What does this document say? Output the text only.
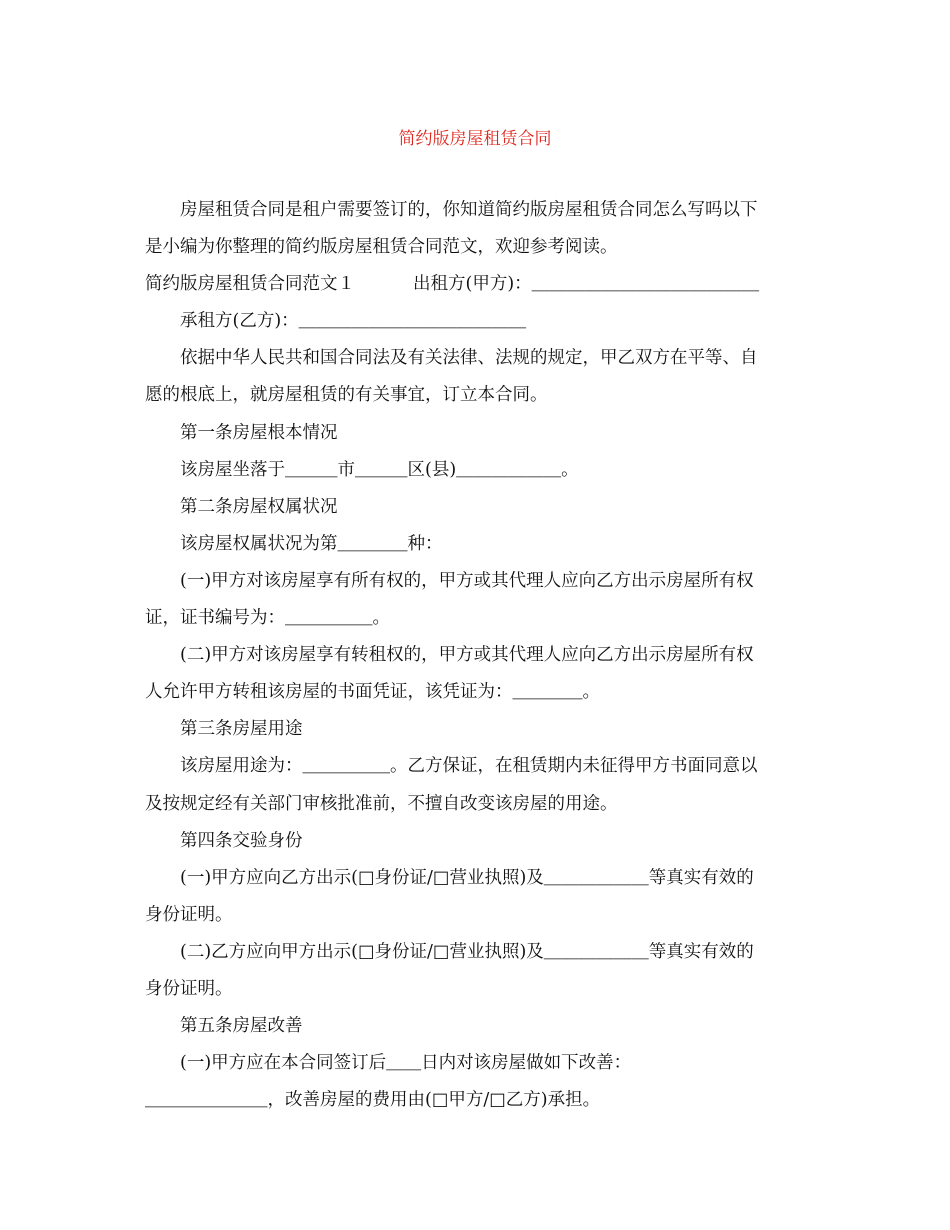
简约版房屋租赁合同
房屋租赁合同是租户需要签订的，你知道简约版房屋租赁合同怎么写吗以下
是小编为你整理的简约版房屋租赁合同范文，欢迎参考阅读。
简约版房屋租赁合同范文１	出租方(甲方)：＿＿＿＿＿＿＿＿＿＿＿＿＿
承租方(乙方)：＿＿＿＿＿＿＿＿＿＿＿＿＿
依据中华人民共和国合同法及有关法律、法规的规定，甲乙双方在平等、自
愿的根底上，就房屋租赁的有关事宜，订立本合同。
第一条房屋根本情况
该房屋坐落于＿＿＿市＿＿＿区(县)＿＿＿＿＿＿。
第二条房屋权属状况
该房屋权属状况为第＿＿＿＿种：
(一)甲方对该房屋享有所有权的，甲方或其代理人应向乙方出示房屋所有权
证，证书编号为：＿＿＿＿＿。
(二)甲方对该房屋享有转租权的，甲方或其代理人应向乙方出示房屋所有权
人允许甲方转租该房屋的书面凭证，该凭证为：＿＿＿＿。
第三条房屋用途
该房屋用途为：＿＿＿＿＿。乙方保证，在租赁期内未征得甲方书面同意以
及按规定经有关部门审核批准前，不擅自改变该房屋的用途。
第四条交验身份
(一)甲方应向乙方出示(□身份证/□营业执照)及＿＿＿＿＿＿等真实有效的
身份证明。
(二)乙方应向甲方出示(□身份证/□营业执照)及＿＿＿＿＿＿等真实有效的
身份证明。
第五条房屋改善
(一)甲方应在本合同签订后＿＿日内对该房屋做如下改善：
＿＿＿＿＿＿＿，改善房屋的费用由(□甲方/□乙方)承担。
